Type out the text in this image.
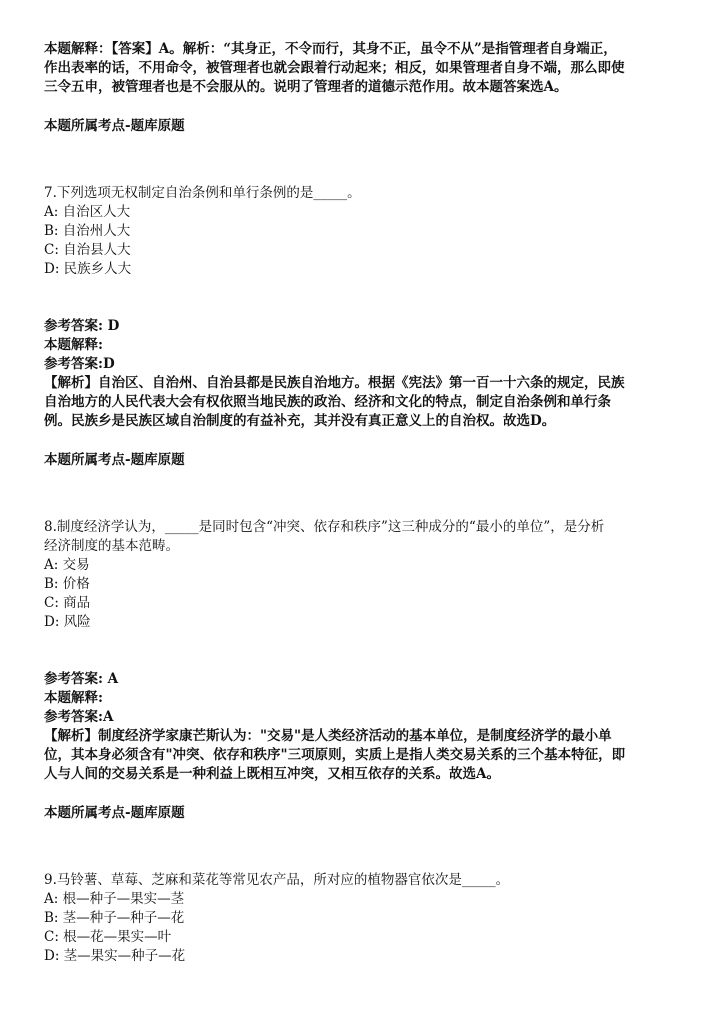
本题解释：【答案】A。解析：“其身正，不令而行，其身不正，虽令不从”是指管理者自身端正，
作出表率的话，不用命令，被管理者也就会跟着行动起来；相反，如果管理者自身不端，那么即使
三令五申，被管理者也是不会服从的。说明了管理者的道德示范作用。故本题答案选A。
本题所属考点-题库原题
7.下列选项无权制定自治条例和单行条例的是_____。
A: 自治区人大
B: 自治州人大
C: 自治县人大
D: 民族乡人大
参考答案: D
本题解释:
参考答案:D
【解析】自治区、自治州、自治县都是民族自治地方。根据《宪法》第一百一十六条的规定，民族
自治地方的人民代表大会有权依照当地民族的政治、经济和文化的特点，制定自治条例和单行条
例。民族乡是民族区域自治制度的有益补充，其并没有真正意义上的自治权。故选D。
本题所属考点-题库原题
8.制度经济学认为，_____是同时包含“冲突、依存和秩序”这三种成分的“最小的单位”，是分析
经济制度的基本范畴。
A: 交易
B: 价格
C: 商品
D: 风险
参考答案: A
本题解释:
参考答案:A
【解析】制度经济学家康芒斯认为："交易"是人类经济活动的基本单位，是制度经济学的最小单
位，其本身必须含有"冲突、依存和秩序"三项原则，实质上是指人类交易关系的三个基本特征，即
人与人间的交易关系是一种利益上既相互冲突，又相互依存的关系。故选A。
本题所属考点-题库原题
9.马铃薯、草莓、芝麻和菜花等常见农产品，所对应的植物器官依次是_____。
A: 根—种子—果实—茎
B: 茎—种子—种子—花
C: 根—花—果实—叶
D: 茎—果实—种子—花
